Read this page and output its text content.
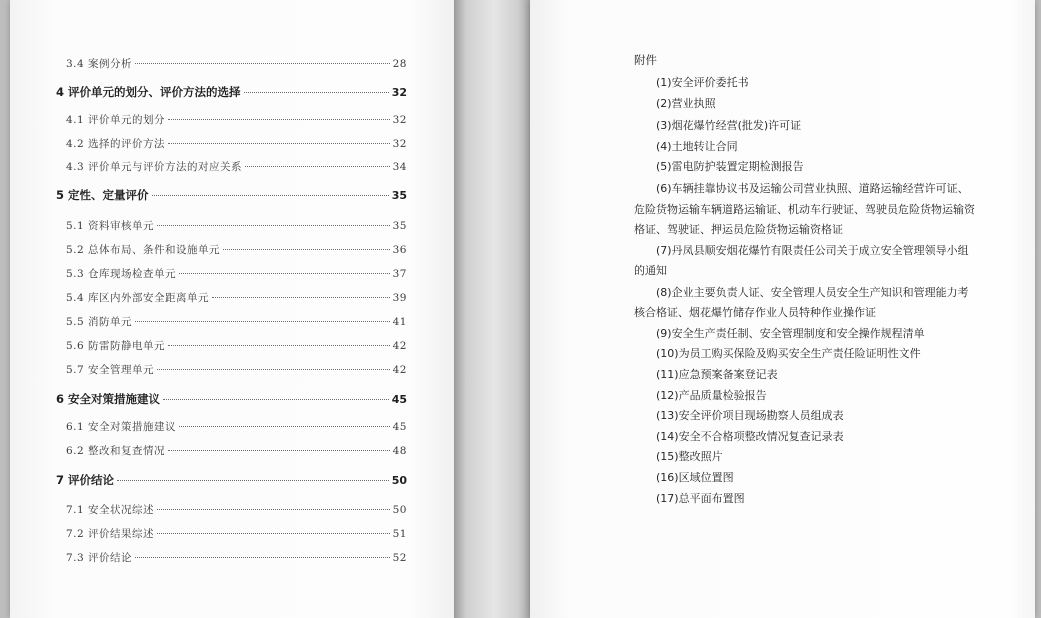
3.4 案例分析	28
4 评价单元的划分、评价方法的选择	32
4.1 评价单元的划分	32
4.2 选择的评价方法	32
4.3 评价单元与评价方法的对应关系	34
5 定性、定量评价	35
5.1 资料审核单元	35
5.2 总体布局、条件和设施单元	36
5.3 仓库现场检查单元	37
5.4 库区内外部安全距离单元	39
5.5 消防单元	41
5.6 防雷防静电单元	42
5.7 安全管理单元	42
6 安全对策措施建议	45
6.1 安全对策措施建议	45
6.2 整改和复查情况	48
7 评价结论	50
7.1 安全状况综述	50
7.2 评价结果综述	51
7.3 评价结论	52
附件
(1)安全评价委托书
(2)营业执照
(3)烟花爆竹经营(批发)许可证
(4)土地转让合同
(5)雷电防护装置定期检测报告
(6)车辆挂靠协议书及运输公司营业执照、道路运输经营许可证、
危险货物运输车辆道路运输证、机动车行驶证、驾驶员危险货物运输资
格证、驾驶证、押运员危险货物运输资格证
(7)丹凤县顺安烟花爆竹有限责任公司关于成立安全管理领导小组
的通知
(8)企业主要负责人证、安全管理人员安全生产知识和管理能力考
核合格证、烟花爆竹储存作业人员特种作业操作证
(9)安全生产责任制、安全管理制度和安全操作规程清单
(10)为员工购买保险及购买安全生产责任险证明性文件
(11)应急预案备案登记表
(12)产品质量检验报告
(13)安全评价项目现场勘察人员组成表
(14)安全不合格项整改情况复查记录表
(15)整改照片
(16)区域位置图
(17)总平面布置图
